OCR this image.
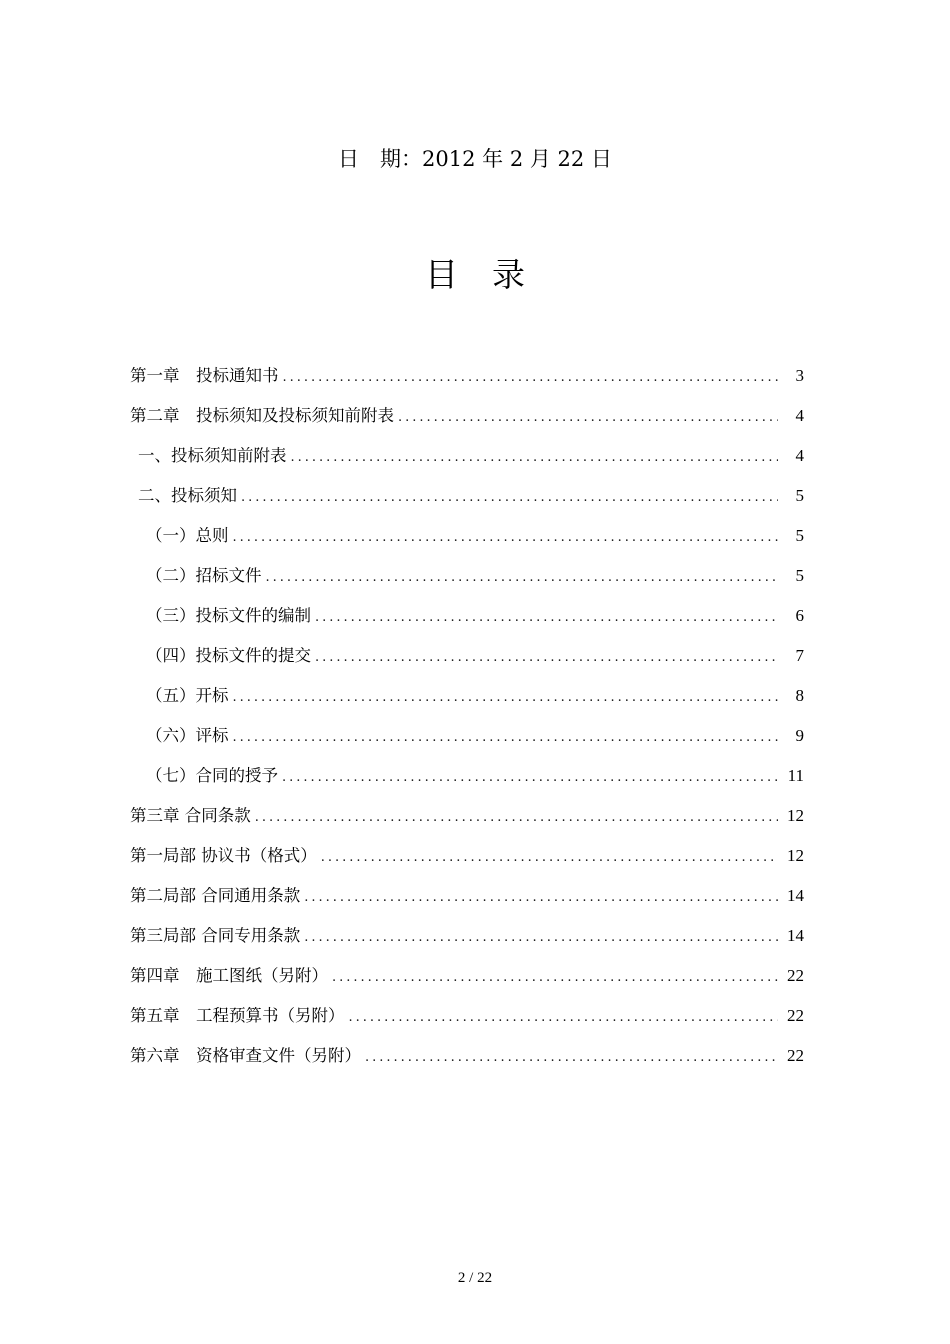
日　期：2012 年 2 月 22 日
目 录
第一章　投标通知书 .....	3
第二章　投标须知及投标须知前附表 .....	4
一、投标须知前附表 .....	4
二、投标须知 .....	5
（一）总则 .....	5
（二）招标文件 .....	5
（三）投标文件的编制 .....	6
（四）投标文件的提交 .....	7
（五）开标 .....	8
（六）评标 .....	9
（七）合同的授予 .....	11
第三章 合同条款 .....	12
第一局部 协议书（格式） .....	12
第二局部 合同通用条款 .....	14
第三局部 合同专用条款 .....	14
第四章　施工图纸（另附） .....	22
第五章　工程预算书（另附） .....	22
第六章　资格审查文件（另附） .....	22
2 / 22
